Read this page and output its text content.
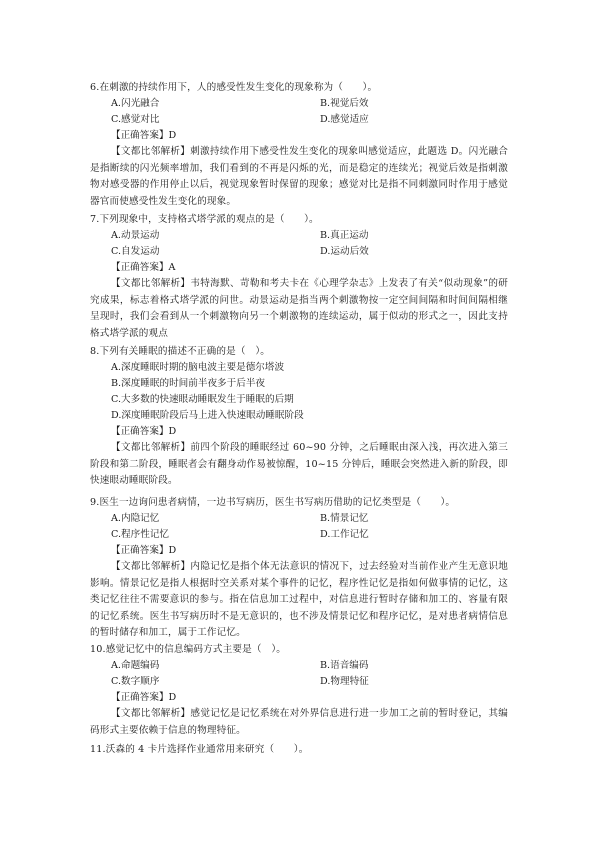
6.在刺激的持续作用下，人的感受性发生变化的现象称为（　　）。
A.闪光融合	B.视觉后效
C.感觉对比	D.感觉适应
【正确答案】D
【文都比邻解析】刺激持续作用下感受性发生变化的现象叫感觉适应，此题选 D。闪光融合是指断续的闪光频率增加，我们看到的不再是闪烁的光，而是稳定的连续光；视觉后效是指刺激物对感受器的作用停止以后，视觉现象暂时保留的现象；感觉对比是指不同刺激同时作用于感觉器官而使感受性发生变化的现象。
7.下列现象中，支持格式塔学派的观点的是（　　）。
A.动景运动	B.真正运动
C.自发运动	D.运动后效
【正确答案】A
【文都比邻解析】韦特海默、苛勒和考夫卡在《心理学杂志》上发表了有关“似动现象”的研究成果，标志着格式塔学派的问世。动景运动是指当两个刺激物按一定空间间隔和时间间隔相继呈现时，我们会看到从一个刺激物向另一个刺激物的连续运动，属于似动的形式之一，因此支持格式塔学派的观点
8.下列有关睡眠的描述不正确的是（　）。
A.深度睡眠时期的脑电波主要是德尔塔波
B.深度睡眠的时间前半夜多于后半夜
C.大多数的快速眼动睡眠发生于睡眠的后期
D.深度睡眠阶段后马上进入快速眼动睡眠阶段
【正确答案】D
【文都比邻解析】前四个阶段的睡眠经过 60~90 分钟，之后睡眠由深入浅，再次进入第三阶段和第二阶段，睡眠者会有翻身动作易被惊醒，10~15 分钟后，睡眠会突然进入新的阶段，即快速眼动睡眠阶段。
9.医生一边询问患者病情，一边书写病历，医生书写病历借助的记忆类型是（　　）。
A.内隐记忆	B.情景记忆
C.程序性记忆	D.工作记忆
【正确答案】D
【文都比邻解析】内隐记忆是指个体无法意识的情况下，过去经验对当前作业产生无意识地影响。情景记忆是指人根据时空关系对某个事件的记忆，程序性记忆是指如何做事情的记忆，这类记忆往往不需要意识的参与。指在信息加工过程中，对信息进行暂时存储和加工的、容量有限的记忆系统。医生书写病历时不是无意识的，也不涉及情景记忆和程序记忆，是对患者病情信息的暂时储存和加工，属于工作记忆。
10.感觉记忆中的信息编码方式主要是（　）。
A.命题编码	B.语音编码
C.数字顺序	D.物理特征
【正确答案】D
【文都比邻解析】感觉记忆是记忆系统在对外界信息进行进一步加工之前的暂时登记，其编码形式主要依赖于信息的物理特征。
11.沃森的 4 卡片选择作业通常用来研究（　　）。
